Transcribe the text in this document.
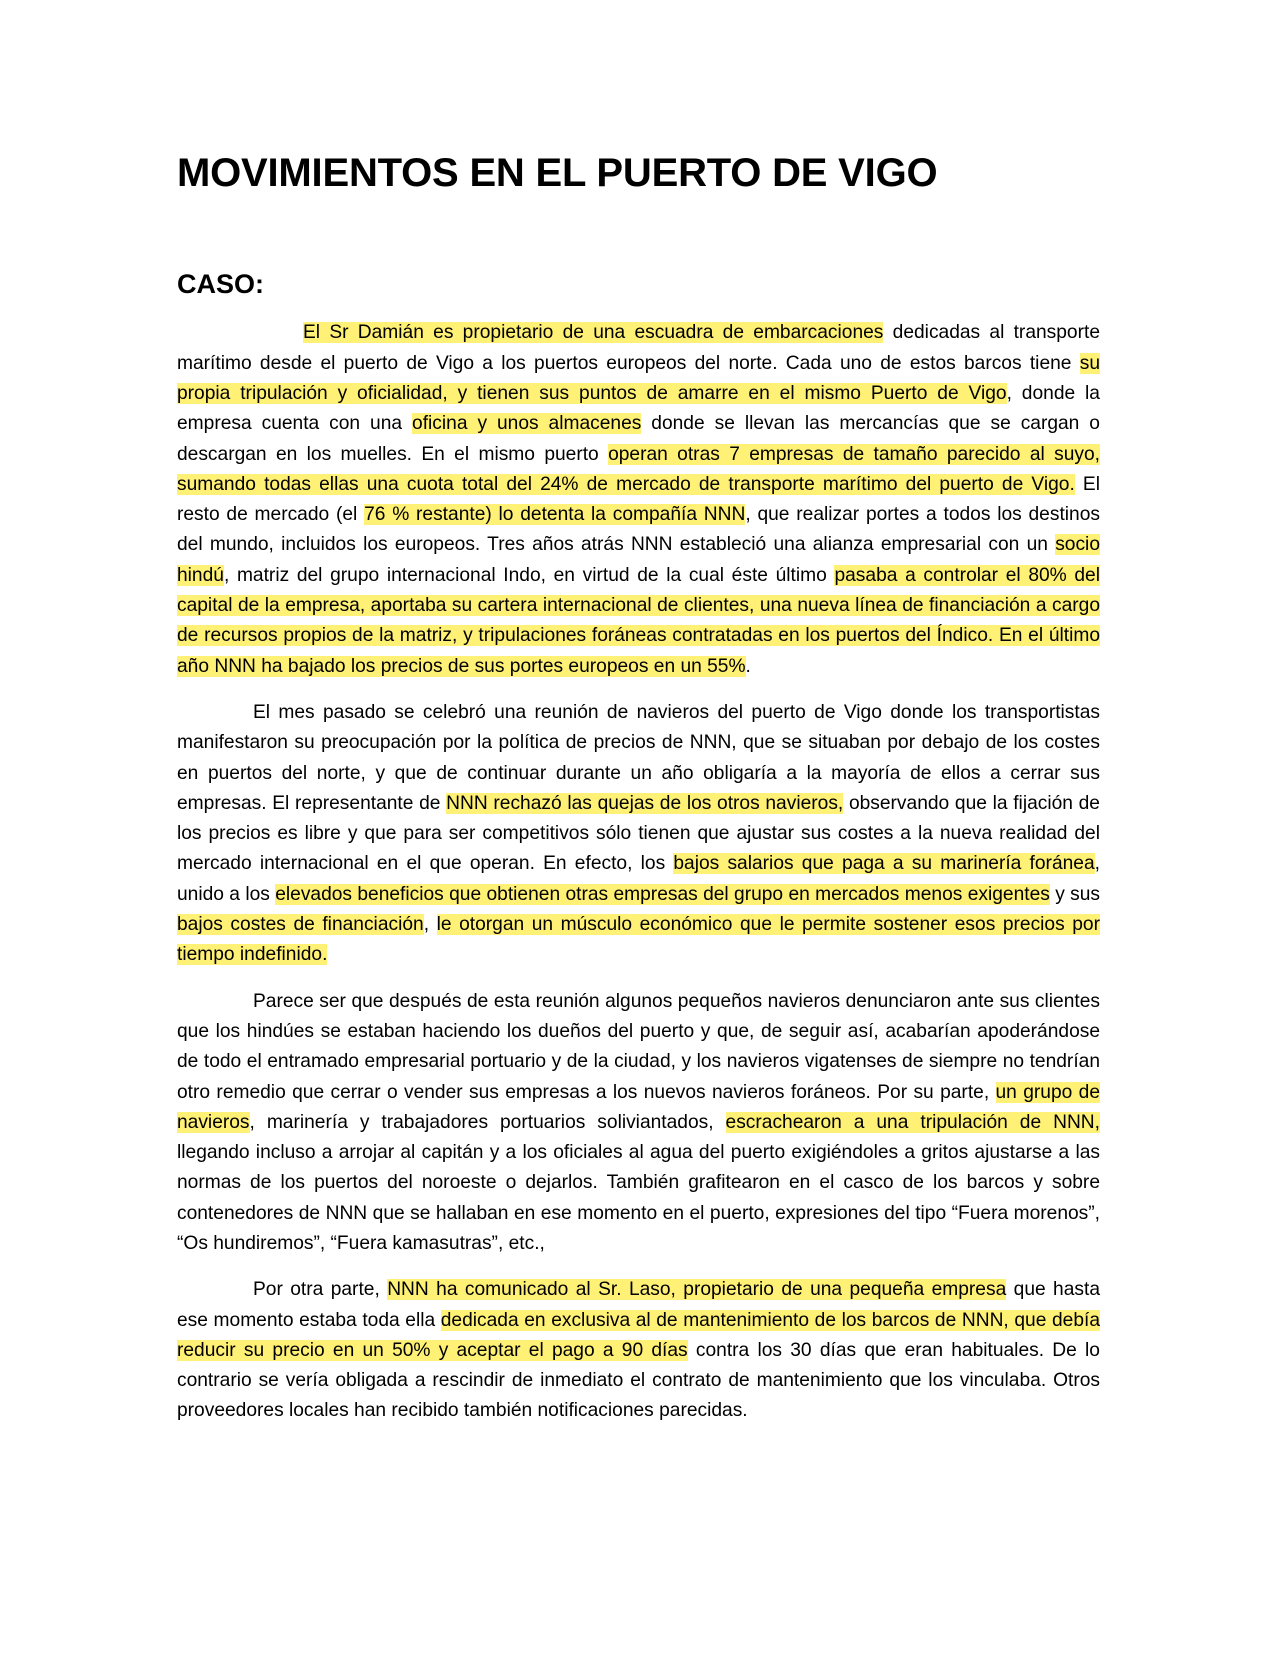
MOVIMIENTOS EN EL PUERTO DE VIGO
CASO:

El Sr Damián es propietario de una escuadra de embarcaciones dedicadas al transporte marítimo desde el puerto de Vigo a los puertos europeos del norte. Cada uno de estos barcos tiene su propia tripulación y oficialidad, y tienen sus puntos de amarre en el mismo Puerto de Vigo, donde la empresa cuenta con una oficina y unos almacenes donde se llevan las mercancías que se cargan o descargan en los muelles. En el mismo puerto operan otras 7 empresas de tamaño parecido al suyo, sumando todas ellas una cuota total del 24% de mercado de transporte marítimo del puerto de Vigo. El resto de mercado (el 76 % restante) lo detenta la compañía NNN, que realizar portes a todos los destinos del mundo, incluidos los europeos. Tres años atrás NNN estableció una alianza empresarial con un socio hindú, matriz del grupo internacional Indo, en virtud de la cual éste último pasaba a controlar el 80% del capital de la empresa, aportaba su cartera internacional de clientes, una nueva línea de financiación a cargo de recursos propios de la matriz, y tripulaciones foráneas contratadas en los puertos del Índico. En el último año NNN ha bajado los precios de sus portes europeos en un 55%.

El mes pasado se celebró una reunión de navieros del puerto de Vigo donde los transportistas manifestaron su preocupación por la política de precios de NNN, que se situaban por debajo de los costes en puertos del norte, y que de continuar durante un año obligaría a la mayoría de ellos a cerrar sus empresas. El representante de NNN rechazó las quejas de los otros navieros, observando que la fijación de los precios es libre y que para ser competitivos sólo tienen que ajustar sus costes a la nueva realidad del mercado internacional en el que operan. En efecto, los bajos salarios que paga a su marinería foránea, unido a los elevados beneficios que obtienen otras empresas del grupo en mercados menos exigentes y sus bajos costes de financiación, le otorgan un músculo económico que le permite sostener esos precios por tiempo indefinido.

Parece ser que después de esta reunión algunos pequeños navieros denunciaron ante sus clientes que los hindúes se estaban haciendo los dueños del puerto y que, de seguir así, acabarían apoderándose de todo el entramado empresarial portuario y de la ciudad, y los navieros vigatenses de siempre no tendrían otro remedio que cerrar o vender sus empresas a los nuevos navieros foráneos. Por su parte, un grupo de navieros, marinería y trabajadores portuarios soliviantados, escrachearon a una tripulación de NNN, llegando incluso a arrojar al capitán y a los oficiales al agua del puerto exigiéndoles a gritos ajustarse a las normas de los puertos del noroeste o dejarlos. También grafitearon en el casco de los barcos y sobre contenedores de NNN que se hallaban en ese momento en el puerto, expresiones del tipo “Fuera morenos”, “Os hundiremos”, “Fuera kamasutras”, etc.,

Por otra parte, NNN ha comunicado al Sr. Laso, propietario de una pequeña empresa que hasta ese momento estaba toda ella dedicada en exclusiva al de mantenimiento de los barcos de NNN, que debía reducir su precio en un 50% y aceptar el pago a 90 días contra los 30 días que eran habituales. De lo contrario se vería obligada a rescindir de inmediato el contrato de mantenimiento que los vinculaba. Otros proveedores locales han recibido también notificaciones parecidas.
